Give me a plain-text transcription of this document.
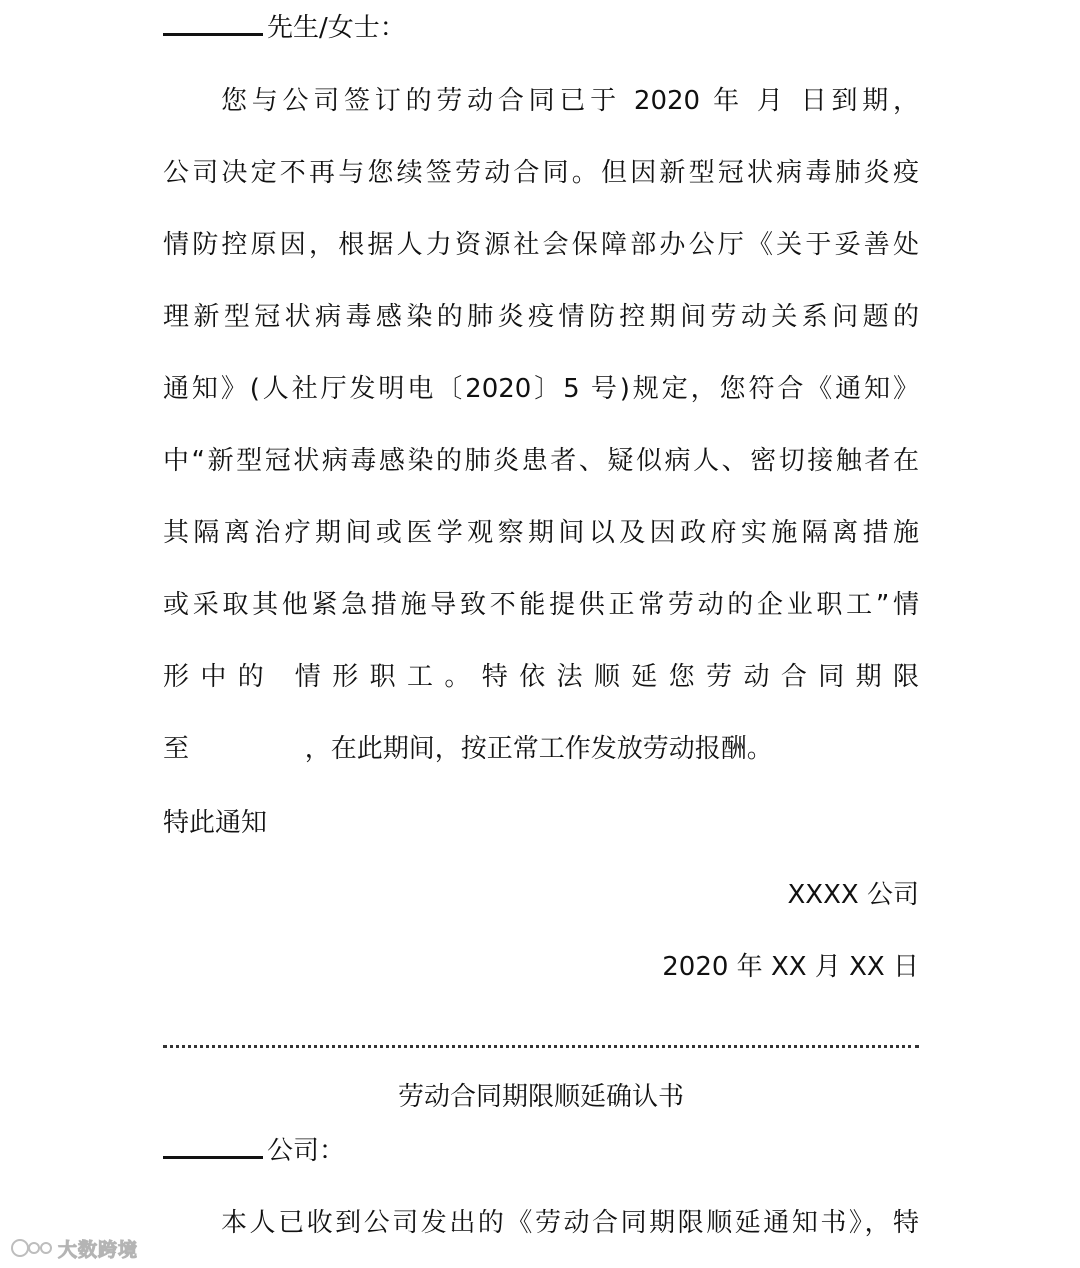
先生/女士：
您与公司签订的劳动合同已于 2020 年 月 日到期，
公司决定不再与您续签劳动合同。但因新型冠状病毒肺炎疫
情防控原因，根据人力资源社会保障部办公厅《关于妥善处
理新型冠状病毒感染的肺炎疫情防控期间劳动关系问题的
通知》(人社厅发明电〔2020〕5 号)规定，您符合《通知》
中“新型冠状病毒感染的肺炎患者、疑似病人、密切接触者在
其隔离治疗期间或医学观察期间以及因政府实施隔离措施
或采取其他紧急措施导致不能提供正常劳动的企业职工”情
形中的 情形职工。特依法顺延您劳动合同期限
至              ，在此期间，按正常工作发放劳动报酬。
特此通知
XXXX 公司
2020 年 XX 月 XX 日
劳动合同期限顺延确认书
公司：
本人已收到公司发出的《劳动合同期限顺延通知书》，特
大数跨境
